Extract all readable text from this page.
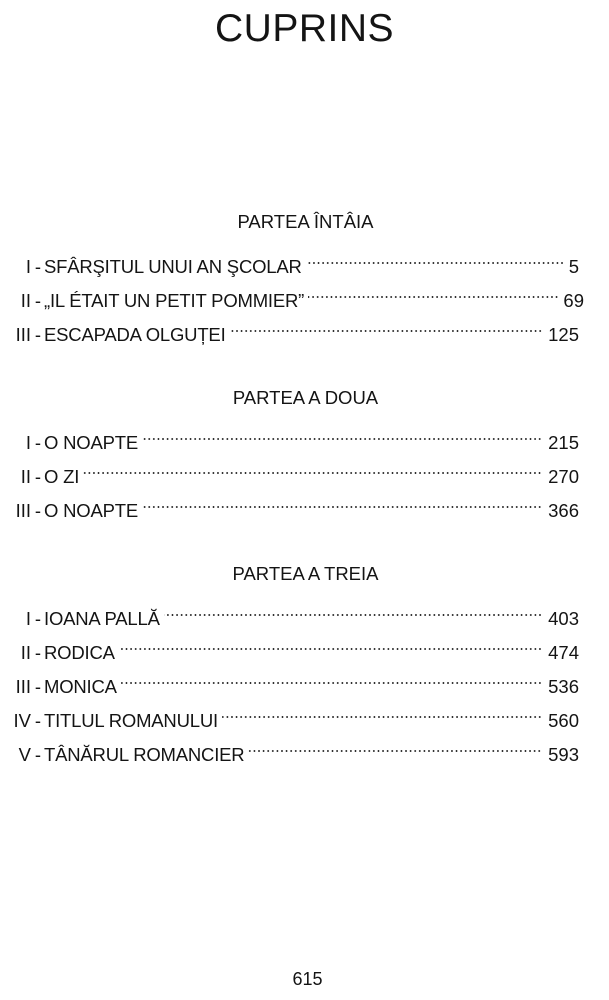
CUPRINS
PARTEA ÎNTÂIA
I - SFÂRŞITUL UNUI AN ŞCOLAR	5
II - „IL ÉTAIT UN PETIT POMMIER”	69
III - ESCAPADA OLGUȚEI	125
PARTEA A DOUA
I - O NOAPTE	215
II - O ZI	270
III - O NOAPTE	366
PARTEA A TREIA
I - IOANA PALLĂ	403
II - RODICA	474
III - MONICA	536
IV - TITLUL ROMANULUI	560
V - TÂNĂRUL ROMANCIER	593
615
